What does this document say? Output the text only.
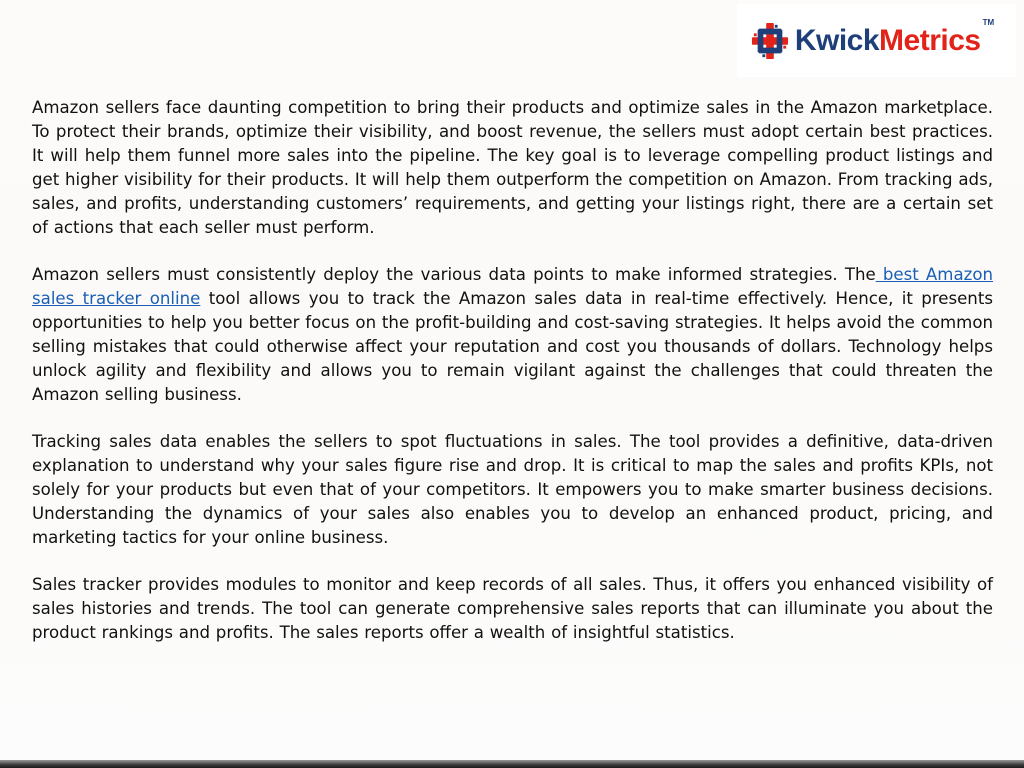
KwickMetrics
TM

Amazon sellers face daunting competition to bring their products and optimize sales in the Amazon marketplace. To protect their brands, optimize their visibility, and boost revenue, the sellers must adopt certain best practices. It will help them funnel more sales into the pipeline. The key goal is to leverage compelling product listings and get higher visibility for their products. It will help them outperform the competition on Amazon. From tracking ads, sales, and profits, understanding customers’ requirements, and getting your listings right, there are a certain set of actions that each seller must perform.

Amazon sellers must consistently deploy the various data points to make informed strategies. The best Amazon sales tracker online tool allows you to track the Amazon sales data in real-time effectively. Hence, it presents opportunities to help you better focus on the profit-building and cost-saving strategies. It helps avoid the common selling mistakes that could otherwise affect your reputation and cost you thousands of dollars. Technology helps unlock agility and flexibility and allows you to remain vigilant against the challenges that could threaten the Amazon selling business.

Tracking sales data enables the sellers to spot fluctuations in sales. The tool provides a definitive, data-driven explanation to understand why your sales figure rise and drop. It is critical to map the sales and profits KPIs, not solely for your products but even that of your competitors. It empowers you to make smarter business decisions. Understanding the dynamics of your sales also enables you to develop an enhanced product, pricing, and marketing tactics for your online business.

Sales tracker provides modules to monitor and keep records of all sales. Thus, it offers you enhanced visibility of sales histories and trends. The tool can generate comprehensive sales reports that can illuminate you about the product rankings and profits. The sales reports offer a wealth of insightful statistics.
